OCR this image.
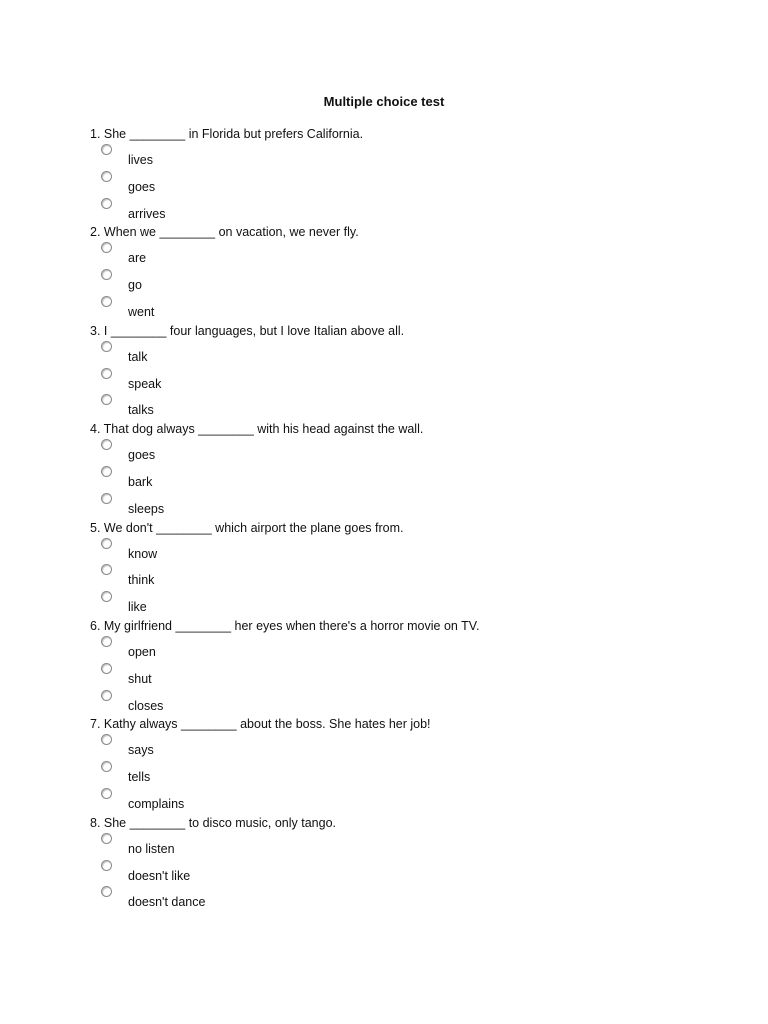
Multiple choice test
1. She ________ in Florida but prefers California.
lives
goes
arrives
2. When we ________ on vacation, we never fly.
are
go
went
3. I ________ four languages, but I love Italian above all.
talk
speak
talks
4. That dog always ________ with his head against the wall.
goes
bark
sleeps
5. We don't ________ which airport the plane goes from.
know
think
like
6. My girlfriend ________ her eyes when there's a horror movie on TV.
open
shut
closes
7. Kathy always ________ about the boss. She hates her job!
says
tells
complains
8. She ________ to disco music, only tango.
no listen
doesn't like
doesn't dance
